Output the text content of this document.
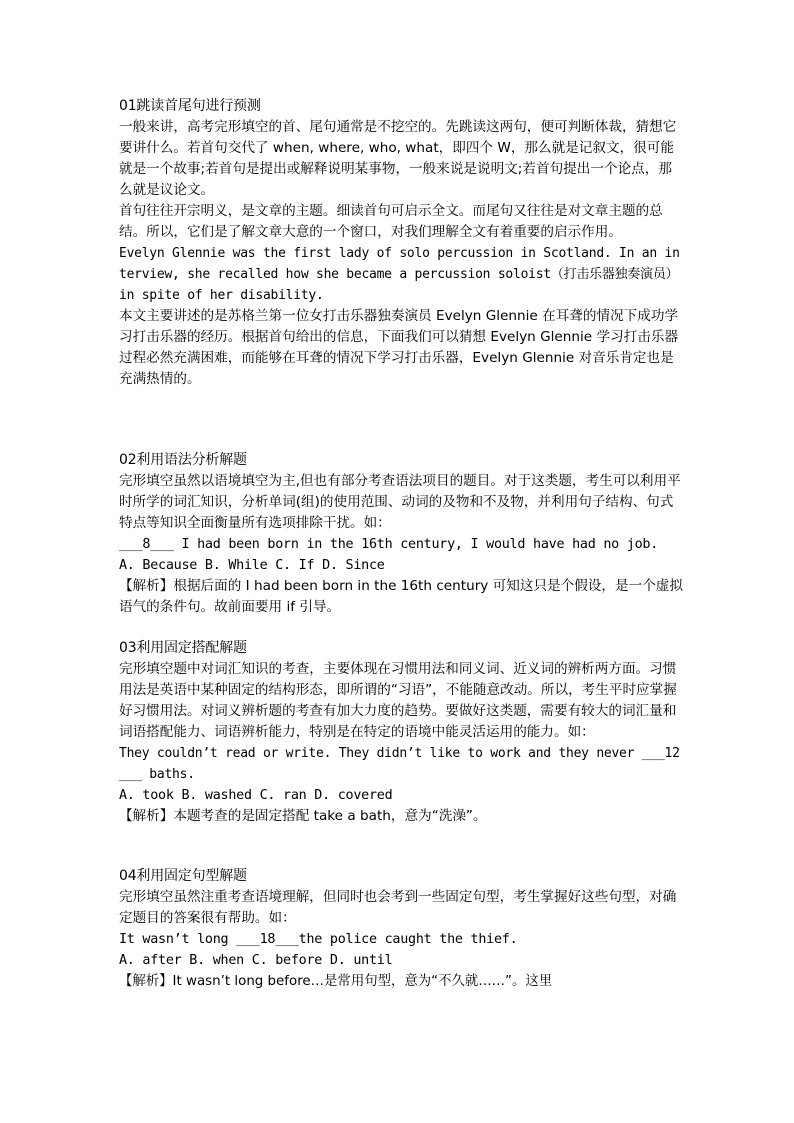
01跳读首尾句进行预测

一般来讲，高考完形填空的首、尾句通常是不挖空的。先跳读这两句，便可判断体裁，猜想它要讲什么。若首句交代了 when, where, who, what，即四个 W，那么就是记叙文，很可能就是一个故事;若首句是提出或解释说明某事物，一般来说是说明文;若首句提出一个论点，那么就是议论文。

首句往往开宗明义，是文章的主题。细读首句可启示全文。而尾句又往往是对文章主题的总结。所以，它们是了解文章大意的一个窗口，对我们理解全文有着重要的启示作用。

Evelyn Glennie was the first lady of solo percussion in Scotland. In an interview, she recalled how she became a percussion soloist（打击乐器独奏演员）in spite of her disability.

本文主要讲述的是苏格兰第一位女打击乐器独奏演员 Evelyn Glennie 在耳聋的情况下成功学习打击乐器的经历。根据首句给出的信息，下面我们可以猜想 Evelyn Glennie 学习打击乐器过程必然充满困难，而能够在耳聋的情况下学习打击乐器，Evelyn Glennie 对音乐肯定也是充满热情的。

02利用语法分析解题

完形填空虽然以语境填空为主,但也有部分考查语法项目的题目。对于这类题，考生可以利用平时所学的词汇知识，分析单词(组)的使用范围、动词的及物和不及物，并利用句子结构、句式特点等知识全面衡量所有选项排除干扰。如：

___8___ I had been born in the 16th century, I would have had no job.
A. Because B. While C. If D. Since

【解析】根据后面的 I had been born in the 16th century 可知这只是个假设，是一个虚拟语气的条件句。故前面要用 if 引导。

03利用固定搭配解题

完形填空题中对词汇知识的考查，主要体现在习惯用法和同义词、近义词的辨析两方面。习惯用法是英语中某种固定的结构形态，即所谓的“习语”，不能随意改动。所以，考生平时应掌握好习惯用法。对词义辨析题的考查有加大力度的趋势。要做好这类题，需要有较大的词汇量和词语搭配能力、词语辨析能力，特别是在特定的语境中能灵活运用的能力。如：

They couldn’t read or write. They didn’t like to work and they never ___12___ baths.

A. took B. washed C. ran D. covered

【解析】本题考查的是固定搭配 take a bath，意为“洗澡”。

04利用固定句型解题

完形填空虽然注重考查语境理解，但同时也会考到一些固定句型，考生掌握好这些句型，对确定题目的答案很有帮助。如：

It wasn’t long ___18___the police caught the thief.
A. after B. when C. before D. until
【解析】It wasn’t long before…是常用句型，意为“不久就……”。这里
